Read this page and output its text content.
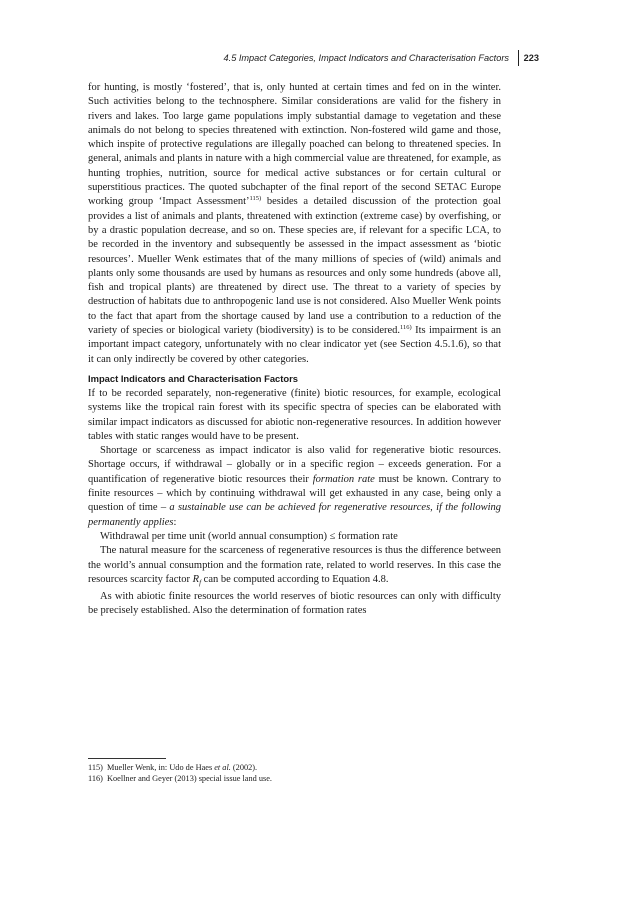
4.5 Impact Categories, Impact Indicators and Characterisation Factors 223

for hunting, is mostly ‘fostered’, that is, only hunted at certain times and fed on in the winter. Such activities belong to the technosphere. Similar considerations are valid for the fishery in rivers and lakes. Too large game populations imply substantial damage to vegetation and these animals do not belong to species threatened with extinction. Non-fostered wild game and those, which inspite of protective regulations are illegally poached can belong to threatened species. In general, animals and plants in nature with a high commercial value are threatened, for example, as hunting trophies, nutrition, source for medical active substances or for certain cultural or superstitious practices. The quoted subchapter of the final report of the second SETAC Europe working group ‘Impact Assessment’$^{115)}$ besides a detailed discussion of the protection goal provides a list of animals and plants, threatened with extinction (extreme case) by overfishing, or by a drastic population decrease, and so on. These species are, if relevant for a specific LCA, to be recorded in the inventory and subsequently be assessed in the impact assessment as ‘biotic resources’. Mueller Wenk estimates that of the many millions of species of (wild) animals and plants only some thousands are used by humans as resources and only some hundreds (above all, fish and tropical plants) are threatened by direct use. The threat to a variety of species by destruction of habitats due to anthropogenic land use is not considered. Also Mueller Wenk points to the fact that apart from the shortage caused by land use a contribution to a reduction of the variety of species or biological variety (biodiversity) is to be considered.$^{116)}$ Its impairment is an important impact category, unfortunately with no clear indicator yet (see Section 4.5.1.6), so that it can only indirectly be covered by other categories.

Impact Indicators and Characterisation Factors

If to be recorded separately, non-regenerative (finite) biotic resources, for example, ecological systems like the tropical rain forest with its specific spectra of species can be elaborated with similar impact indicators as discussed for abiotic non-regenerative resources. In addition however tables with static ranges would have to be present.

Shortage or scarceness as impact indicator is also valid for regenerative biotic resources. Shortage occurs, if withdrawal – globally or in a specific region – exceeds generation. For a quantification of regenerative biotic resources their formation rate must be known. Contrary to finite resources – which by continuing withdrawal will get exhausted in any case, being only a question of time – a sustainable use can be achieved for regenerative resources, if the following permanently applies:

Withdrawal per time unit (world annual consumption) ≤ formation rate

The natural measure for the scarceness of regenerative resources is thus the difference between the world’s annual consumption and the formation rate, related to world reserves. In this case the resources scarcity factor $R_f$ can be computed according to Equation 4.8.

As with abiotic finite resources the world reserves of biotic resources can only with difficulty be precisely established. Also the determination of formation rates

115) Mueller Wenk, in: Udo de Haes et al. (2002).

116) Koellner and Geyer (2013) special issue land use.
